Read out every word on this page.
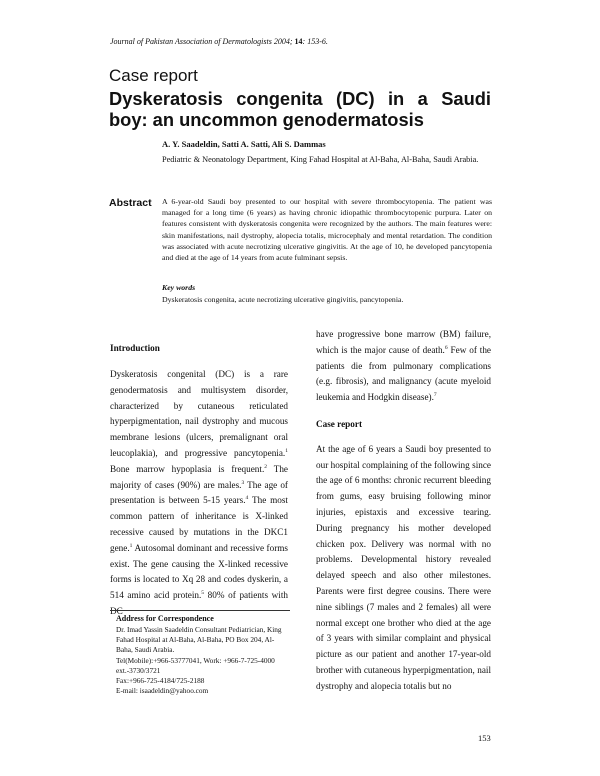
Journal of Pakistan Association of Dermatologists 2004; 14: 153-6.
Case report
Dyskeratosis congenita (DC) in a Saudi boy: an uncommon genodermatosis
A. Y. Saadeldin, Satti A. Satti, Ali S. Dammas
Pediatric & Neonatology Department, King Fahad Hospital at Al-Baha, Al-Baha, Saudi Arabia.
Abstract A 6-year-old Saudi boy presented to our hospital with severe thrombocytopenia. The patient was managed for a long time (6 years) as having chronic idiopathic thrombocytopenic purpura. Later on features consistent with dyskeratosis congenita were recognized by the authors. The main features were: skin manifestations, nail dystrophy, alopecia totalis, microcephaly and mental retardation. The condition was associated with acute necrotizing ulcerative gingivitis. At the age of 10, he developed pancytopenia and died at the age of 14 years from acute fulminant sepsis.
Key words
Dyskeratosis congenita, acute necrotizing ulcerative gingivitis, pancytopenia.
Introduction
Dyskeratosis congenital (DC) is a rare genodermatosis and multisystem disorder, characterized by cutaneous reticulated hyperpigmentation, nail dystrophy and mucous membrane lesions (ulcers, premalignant oral leucoplakia), and progressive pancytopenia.$^1$ Bone marrow hypoplasia is frequent.$^2$ The majority of cases (90%) are males.$^3$ The age of presentation is between 5-15 years.$^4$ The most common pattern of inheritance is X-linked recessive caused by mutations in the DKC1 gene.$^1$ Autosomal dominant and recessive forms exist. The gene causing the X-linked recessive forms is located to Xq 28 and codes dyskerin, a 514 amino acid protein.$^5$ 80% of patients with
have progressive bone marrow (BM) failure, which is the major cause of death.$^6$ Few of the patients die from pulmonary complications (e.g. fibrosis), and malignancy (acute myeloid leukemia and Hodgkin disease).$^7$
Case report
At the age of 6 years a Saudi boy presented to our hospital complaining of the following since the age of 6 months: chronic recurrent bleeding from gums, easy bruising following minor injuries, epistaxis and excessive tearing. During pregnancy his mother developed chicken pox. Delivery was normal with no problems. Developmental history revealed delayed speech and also other milestones. Parents were first degree cousins. There were nine siblings (7 males and 2 females) all were normal except one brother who died at the age of 3 years with similar complaint and physical picture as our patient and another 17-year-old brother with cutaneous hyperpigmentation, nail dystrophy and alopecia totalis but no
Address for Correspondence
Dr. Imad Yassin Saadeldin Consultant Pediatrician, King Fahad Hospital at Al-Baha, Al-Baha, PO Box 204, Al-Baha, Saudi Arabia.
Tel(Mobile):+966-53777041, Work: +966-7-725-4000 ext.-3730/3721
Fax:+966-725-4184/725-2188
E-mail: isaadeldin@yahoo.com
153
